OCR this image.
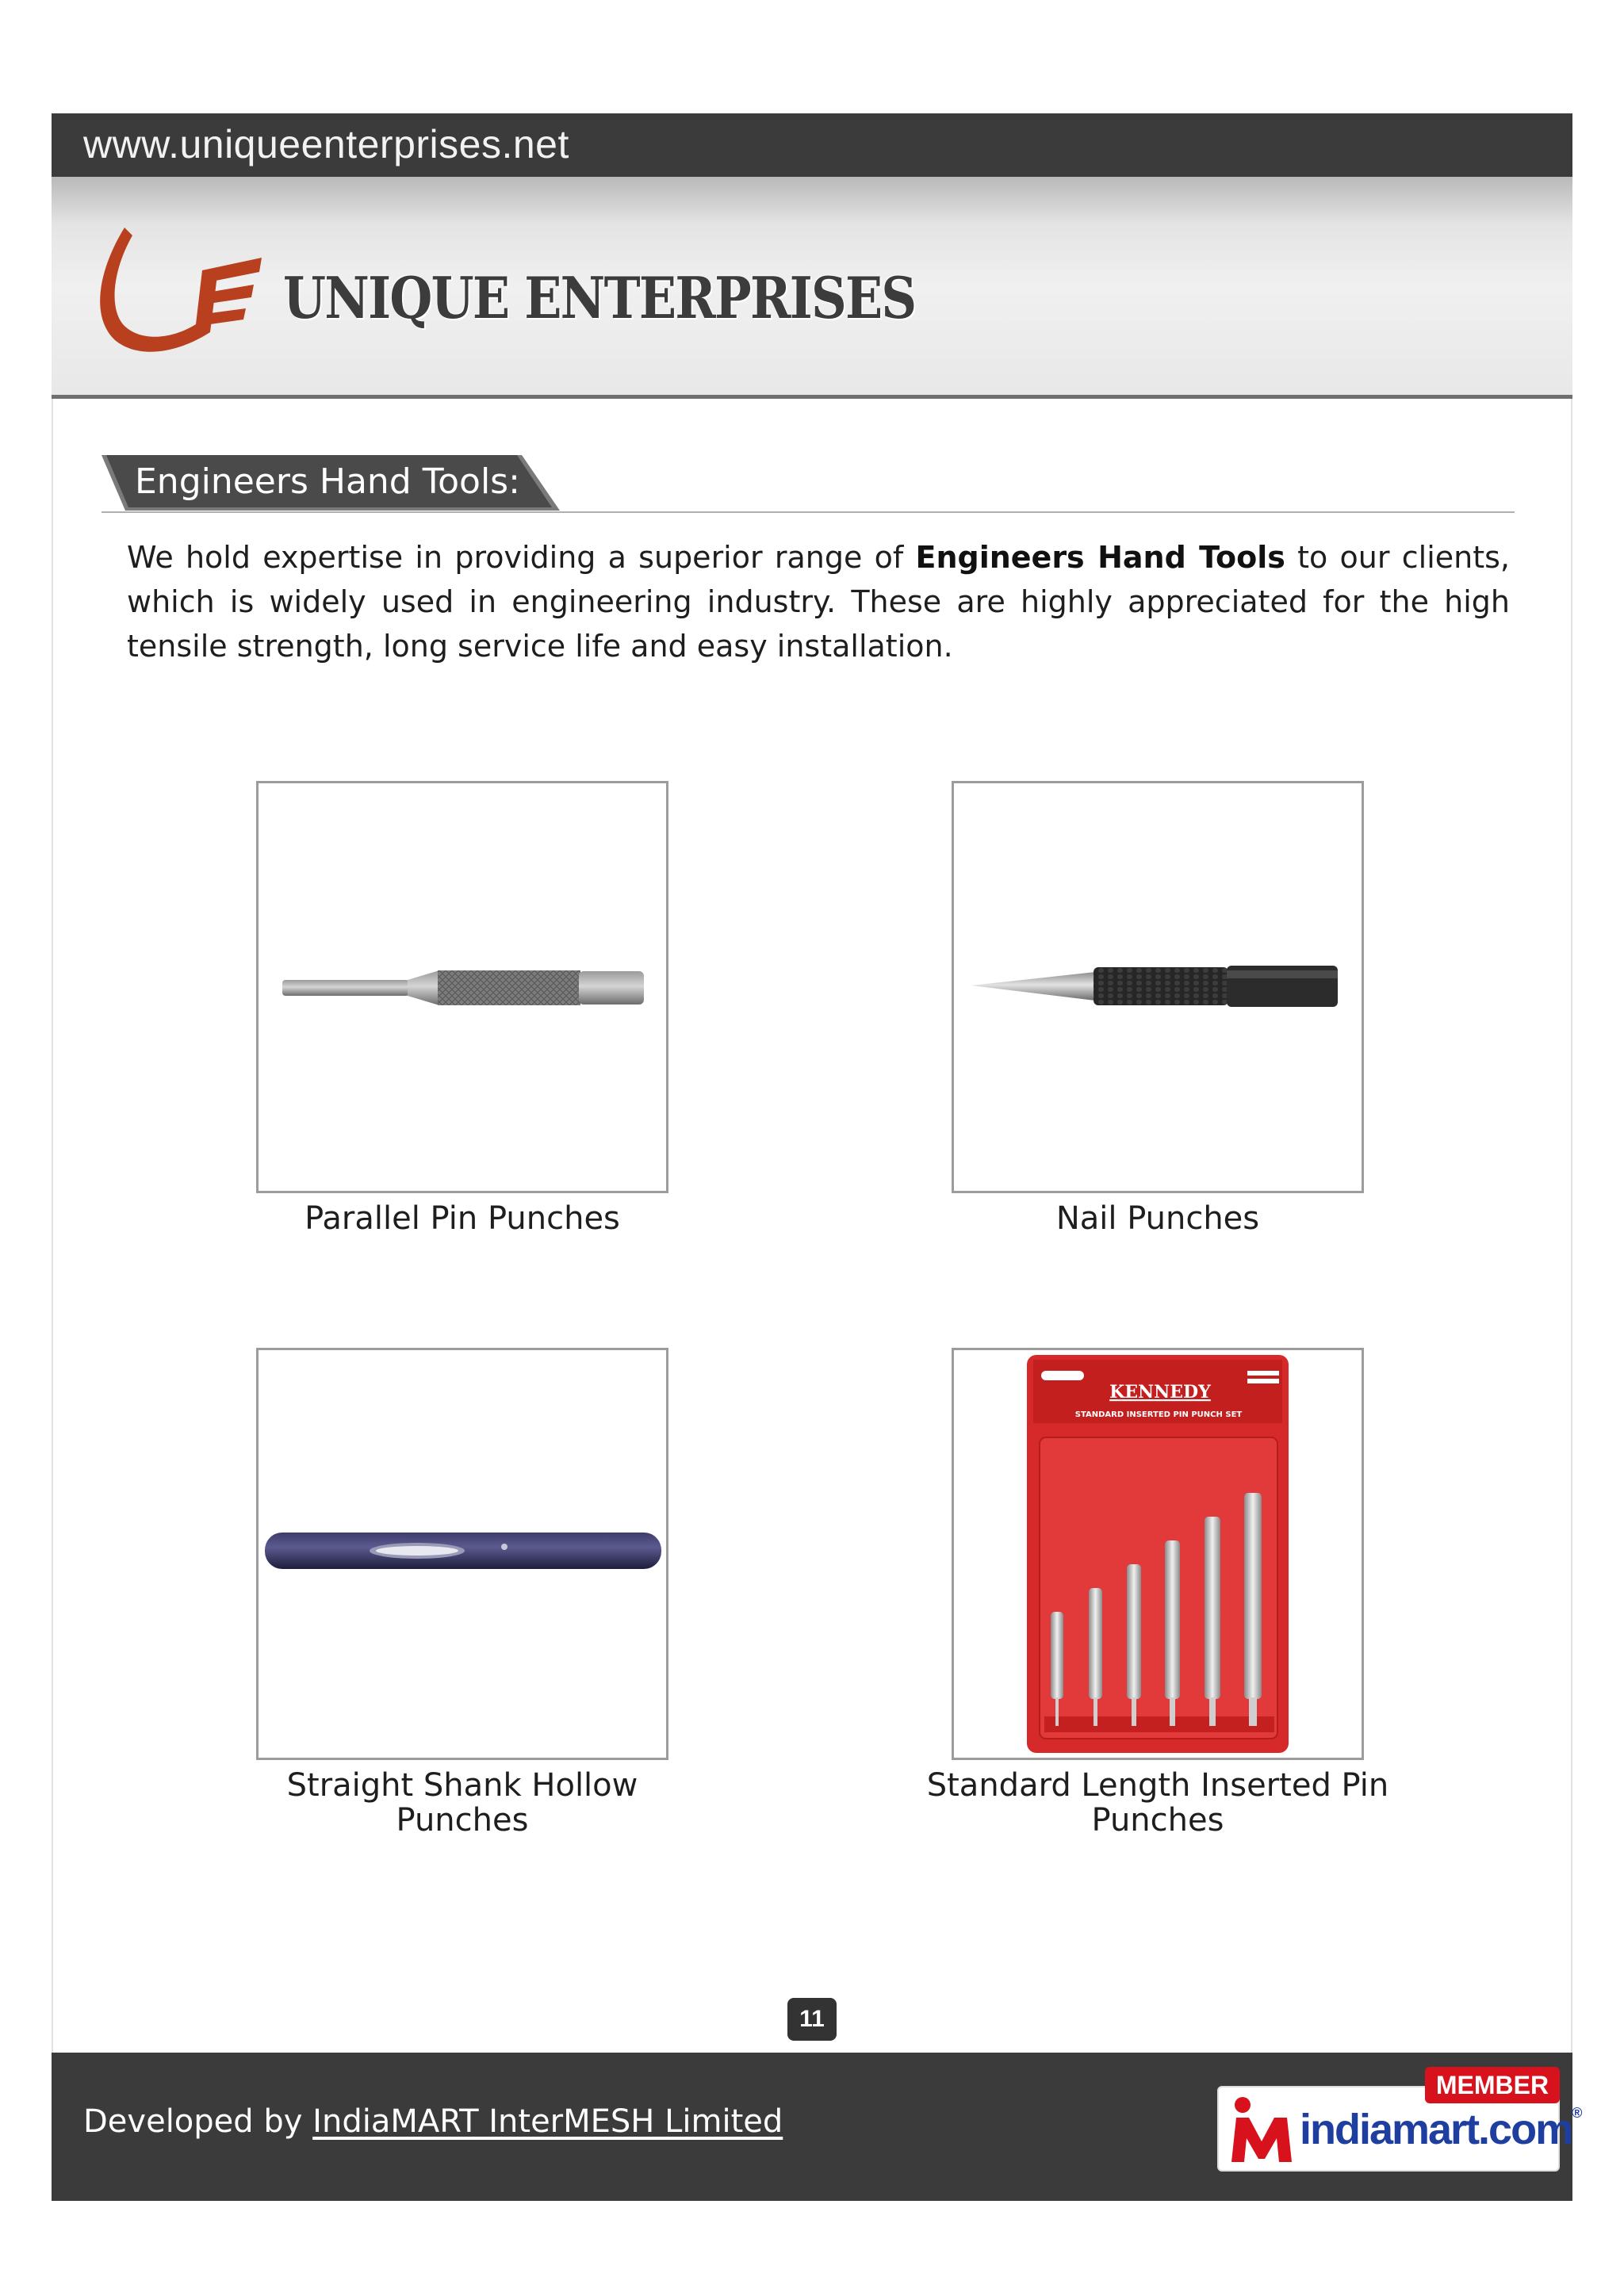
www.uniqueenterprises.net
UNIQUE ENTERPRISES
Engineers Hand Tools:
We hold expertise in providing a superior range of Engineers Hand Tools to our clients, which is widely used in engineering industry. These are highly appreciated for the high tensile strength, long service life and easy installation.
Parallel Pin Punches	Nail Punches
Straight Shank Hollow Punches
KENNEDY
STANDARD INSERTED PIN PUNCH SET
Standard Length Inserted Pin Punches
11
Developed by IndiaMART InterMESH Limited	indiamart.com®
MEMBER
